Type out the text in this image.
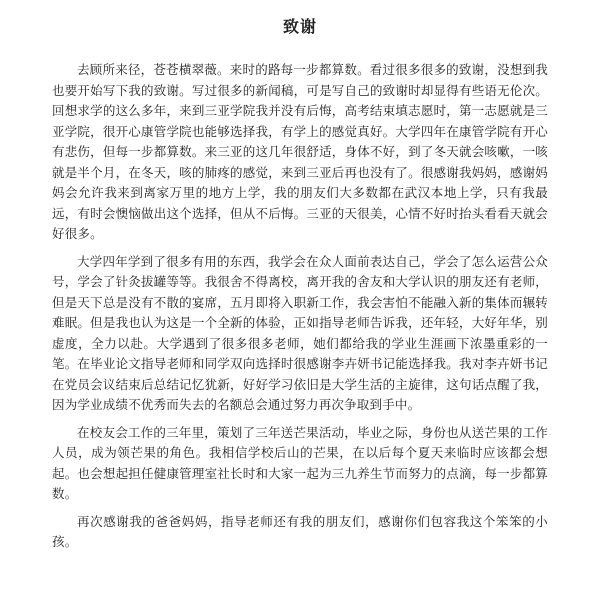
致谢

去顾所来径，苍苍横翠薇。来时的路每一步都算数。看过很多很多的致谢，没想到我也要开始写下我的致谢。写过很多的新闻稿，可是写自己的致谢时却显得有些语无伦次。回想求学的这么多年，来到三亚学院我并没有后悔，高考结束填志愿时，第一志愿就是三亚学院，很开心康管学院也能够选择我，有学上的感觉真好。大学四年在康管学院有开心有悲伤，但每一步都算数。来三亚的这几年很舒适，身体不好，到了冬天就会咳嗽，一咳就是半个月，在冬天，咳的肺疼的感觉，来到三亚后再也没有了。很感谢我妈妈，感谢妈妈会允许我来到离家万里的地方上学，我的朋友们大多数都在武汉本地上学，只有我最远，有时会懊恼做出这个选择，但从不后悔。三亚的天很美，心情不好时抬头看看天就会好很多。

大学四年学到了很多有用的东西，我学会在众人面前表达自己，学会了怎么运营公众号，学会了针灸拔罐等等。我很舍不得离校，离开我的舍友和大学认识的朋友还有老师，但是天下总是没有不散的宴席，五月即将入职新工作，我会害怕不能融入新的集体而辗转难眠。但是我也认为这是一个全新的体验，正如指导老师告诉我，还年轻，大好年华，别虚度，全力以赴。大学遇到了很多很多老师，她们都给我的学业生涯画下浓墨重彩的一笔。在毕业论文指导老师和同学双向选择时很感谢李卉妍书记能选择我。我对李卉妍书记在党员会议结束后总结记忆犹新，好好学习依旧是大学生活的主旋律，这句话点醒了我，因为学业成绩不优秀而失去的名额总会通过努力再次争取到手中。

在校友会工作的三年里，策划了三年送芒果活动，毕业之际，身份也从送芒果的工作人员，成为领芒果的角色。我相信学校后山的芒果，在以后每个夏天来临时应该都会想起。也会想起担任健康管理室社长时和大家一起为三九养生节而努力的点滴，每一步都算数。

再次感谢我的爸爸妈妈，指导老师还有我的朋友们，感谢你们包容我这个笨笨的小孩。
